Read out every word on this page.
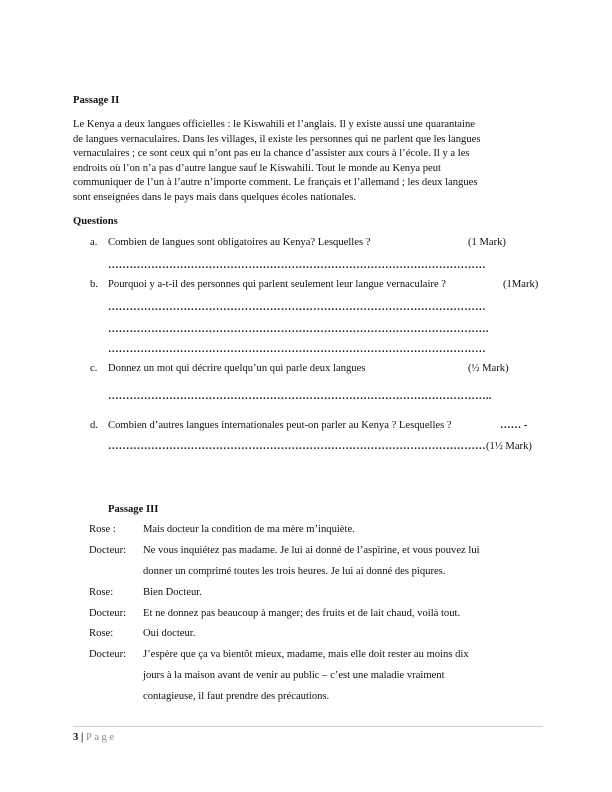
Passage II
Le Kenya a deux langues officielles : le Kiswahili et l’anglais. Il y existe aussi une quarantaine
de langues vernaculaires. Dans les villages, il existe les personnes qui ne parlent que les langues
vernaculaires ; ce sont ceux qui n’ont pas eu la chance d’assister aux cours à l’école. Il y a les
endroits où l’on n’a pas d’autre langue sauf le Kiswahili. Tout le monde au Kenya peut
communiquer de l’un à l’autre n’importe comment. Le français et l’allemand ; les deux langues
sont enseignées dans le pays mais dans quelques écoles nationales.
Questions
a. Combien de langues sont obligatoires au Kenya? Lesquelles ?	(1 Mark)
……………………………………………………………………………………………
b. Pourquoi y a-t-il des personnes qui parlent seulement leur langue vernaculaire ?	(1Mark)
……………………………………………………………………………………………
…………………………………………………………………………………………….
……………………………………………………………………………………………
c. Donnez un mot qui décrire quelqu’un qui parle deux langues	(½ Mark)
……………………………………………………………………………………………..
d. Combien d’autres langues internationales peut-on parler au Kenya ? Lesquelles ?	…… -
…………………………………………………………………………………………… (1½ Mark)
Passage III
Rose :	Mais docteur la condition de ma mère m’inquiète.
Docteur: Ne vous inquiétez pas madame. Je lui ai donné de l’aspirine, et vous pouvez lui
donner un comprimé toutes les trois heures. Je lui ai donné des piqures.
Rose:	Bien Docteur.
Docteur: Et ne donnez pas beaucoup à manger; des fruits et de lait chaud, voilà tout.
Rose:	Oui docteur.
Docteur: J’espère que ça va bientôt mieux, madame, mais elle doit rester au moins dix
jours à la maison avant de venir au public – c’est une maladie vraiment
contagieuse, il faut prendre des précautions.
3 | Page
